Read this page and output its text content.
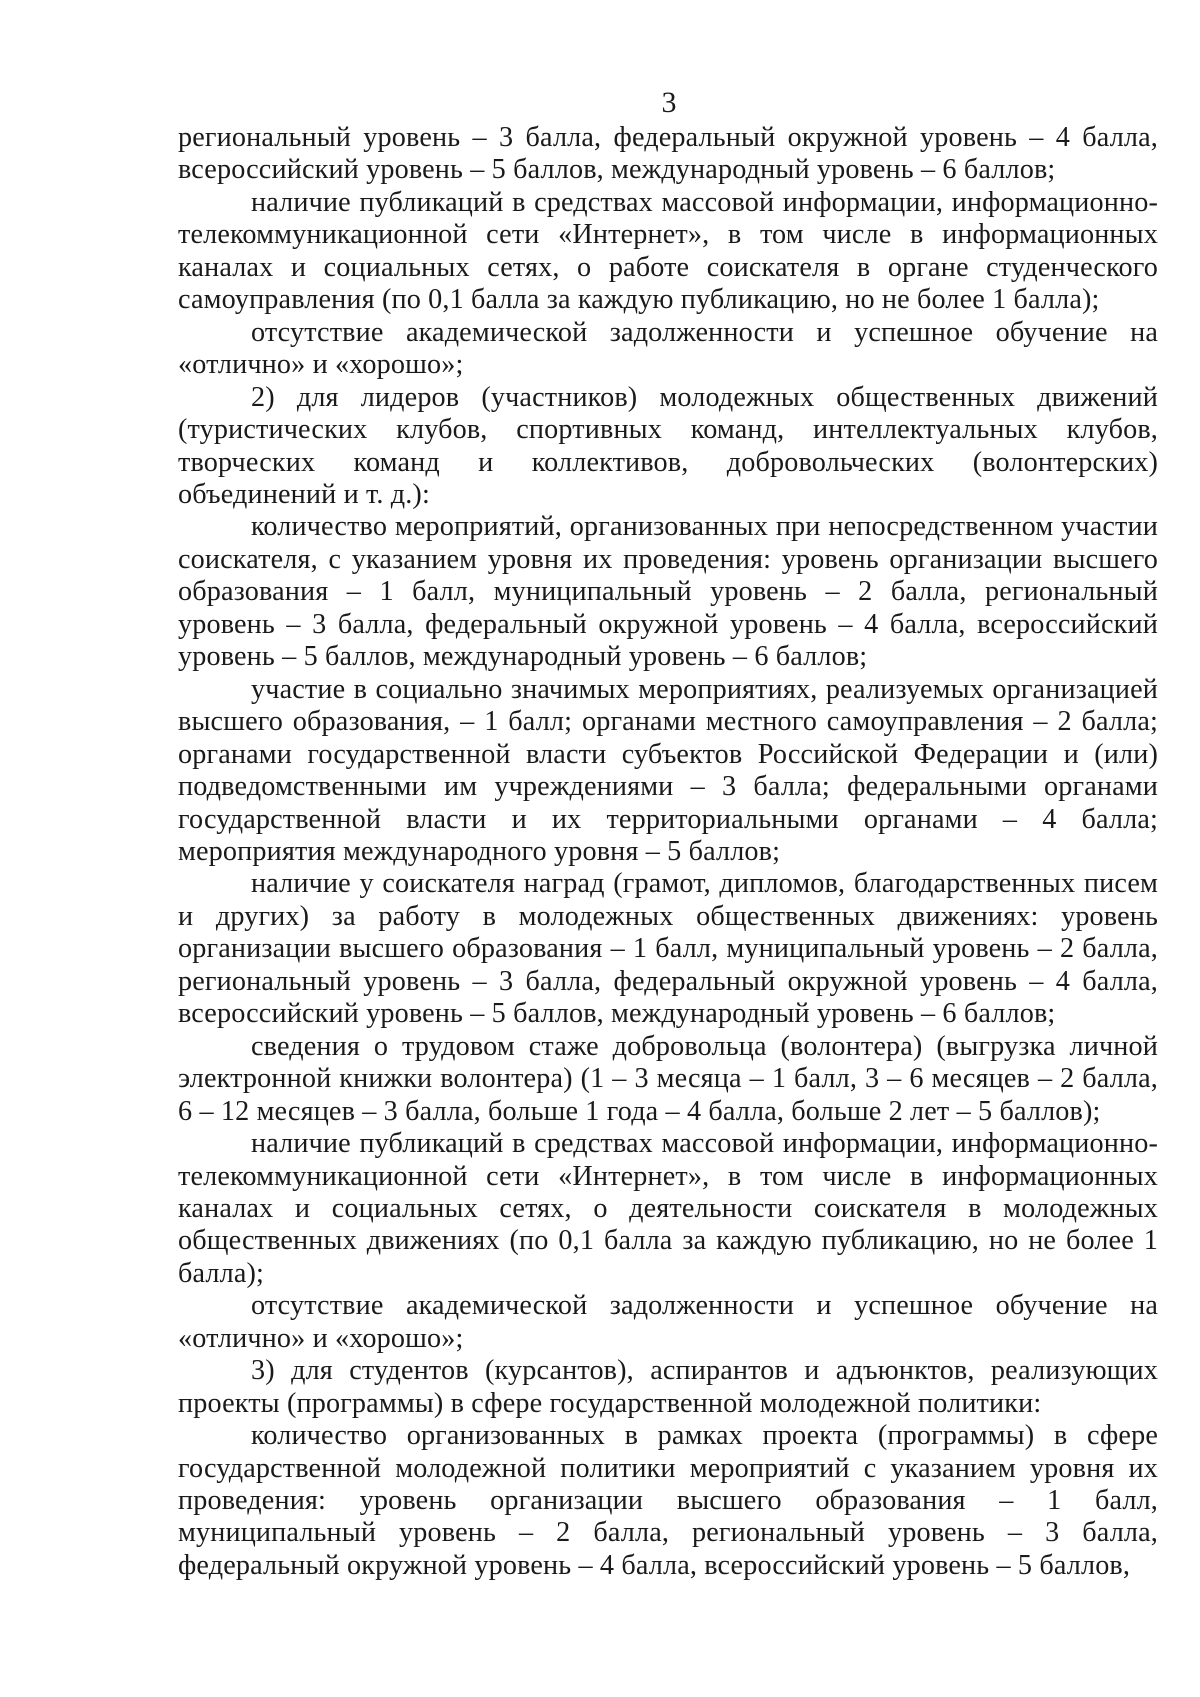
3

региональный уровень – 3 балла, федеральный окружной уровень – 4 балла, всероссийский уровень – 5 баллов, международный уровень – 6 баллов;

наличие публикаций в средствах массовой информации, информационно-телекоммуникационной сети «Интернет», в том числе в информационных каналах и социальных сетях, о работе соискателя в органе студенческого самоуправления (по 0,1 балла за каждую публикацию, но не более 1 балла);

отсутствие академической задолженности и успешное обучение на «отлично» и «хорошо»;

2) для лидеров (участников) молодежных общественных движений (туристических клубов, спортивных команд, интеллектуальных клубов, творческих команд и коллективов, добровольческих (волонтерских) объединений и т. д.):

количество мероприятий, организованных при непосредственном участии соискателя, с указанием уровня их проведения: уровень организации высшего образования – 1 балл, муниципальный уровень – 2 балла, региональный уровень – 3 балла, федеральный окружной уровень – 4 балла, всероссийский уровень – 5 баллов, международный уровень – 6 баллов;

участие в социально значимых мероприятиях, реализуемых организацией высшего образования, – 1 балл; органами местного самоуправления – 2 балла; органами государственной власти субъектов Российской Федерации и (или) подведомственными им учреждениями – 3 балла; федеральными органами государственной власти и их территориальными органами – 4 балла; мероприятия международного уровня – 5 баллов;

наличие у соискателя наград (грамот, дипломов, благодарственных писем и других) за работу в молодежных общественных движениях: уровень организации высшего образования – 1 балл, муниципальный уровень – 2 балла, региональный уровень – 3 балла, федеральный окружной уровень – 4 балла, всероссийский уровень – 5 баллов, международный уровень – 6 баллов;

сведения о трудовом стаже добровольца (волонтера) (выгрузка личной электронной книжки волонтера) (1 – 3 месяца – 1 балл, 3 – 6 месяцев – 2 балла, 6 – 12 месяцев – 3 балла, больше 1 года – 4 балла, больше 2 лет – 5 баллов);

наличие публикаций в средствах массовой информации, информационно-телекоммуникационной сети «Интернет», в том числе в информационных каналах и социальных сетях, о деятельности соискателя в молодежных общественных движениях (по 0,1 балла за каждую публикацию, но не более 1 балла);

отсутствие академической задолженности и успешное обучение на «отлично» и «хорошо»;

3) для студентов (курсантов), аспирантов и адъюнктов, реализующих проекты (программы) в сфере государственной молодежной политики:

количество организованных в рамках проекта (программы) в сфере государственной молодежной политики мероприятий с указанием уровня их проведения: уровень организации высшего образования – 1 балл, муниципальный уровень – 2 балла, региональный уровень – 3 балла, федеральный окружной уровень – 4 балла, всероссийский уровень – 5 баллов,
